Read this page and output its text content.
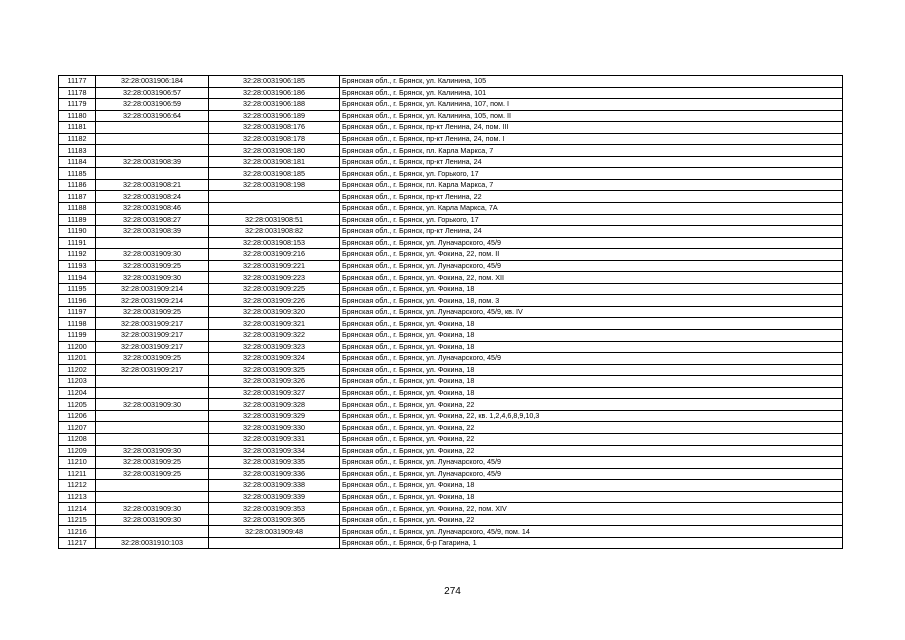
11177	32:28:0031906:184	32:28:0031906:185	Брянская обл., г. Брянск, ул. Калинина, 105
11178	32:28:0031906:57	32:28:0031906:186	Брянская обл., г. Брянск, ул. Калинина, 101
11179	32:28:0031906:59	32:28:0031906:188	Брянская обл., г. Брянск, ул. Калинина, 107, пом. I
11180	32:28:0031906:64	32:28:0031906:189	Брянская обл., г. Брянск, ул. Калинина, 105, пом. II
11181		32:28:0031908:176	Брянская обл., г. Брянск, пр-кт Ленина, 24, пом. III
11182		32:28:0031908:178	Брянская обл., г. Брянск, пр-кт Ленина, 24, пом. I
11183		32:28:0031908:180	Брянская обл., г. Брянск, пл. Карла Маркса, 7
11184	32:28:0031908:39	32:28:0031908:181	Брянская обл., г. Брянск, пр-кт Ленина, 24
11185		32:28:0031908:185	Брянская обл., г. Брянск, ул. Горького, 17
11186	32:28:0031908:21	32:28:0031908:198	Брянская обл., г. Брянск, пл. Карла Маркса, 7
11187	32:28:0031908:24		Брянская обл., г. Брянск, пр-кт Ленина, 22
11188	32:28:0031908:46		Брянская обл., г. Брянск, ул. Карла Маркса, 7А
11189	32:28:0031908:27	32:28:0031908:51	Брянская обл., г. Брянск, ул. Горького, 17
11190	32:28:0031908:39	32:28:0031908:82	Брянская обл., г. Брянск, пр-кт Ленина, 24
11191		32:28:0031908:153	Брянская обл., г. Брянск, ул. Луначарского, 45/9
11192	32:28:0031909:30	32:28:0031909:216	Брянская обл., г. Брянск, ул. Фокина, 22, пом. II
11193	32:28:0031909:25	32:28:0031909:221	Брянская обл., г. Брянск, ул. Луначарского, 45/9
11194	32:28:0031909:30	32:28:0031909:223	Брянская обл., г. Брянск, ул. Фокина, 22, пом. XII
11195	32:28:0031909:214	32:28:0031909:225	Брянская обл., г. Брянск, ул. Фокина, 18
11196	32:28:0031909:214	32:28:0031909:226	Брянская обл., г. Брянск, ул. Фокина, 18, пом. 3
11197	32:28:0031909:25	32:28:0031909:320	Брянская обл., г. Брянск, ул. Луначарского, 45/9, кв. IV
11198	32:28:0031909:217	32:28:0031909:321	Брянская обл., г. Брянск, ул. Фокина, 18
11199	32:28:0031909:217	32:28:0031909:322	Брянская обл., г. Брянск, ул. Фокина, 18
11200	32:28:0031909:217	32:28:0031909:323	Брянская обл., г. Брянск, ул. Фокина, 18
11201	32:28:0031909:25	32:28:0031909:324	Брянская обл., г. Брянск, ул. Луначарского, 45/9
11202	32:28:0031909:217	32:28:0031909:325	Брянская обл., г. Брянск, ул. Фокина, 18
11203		32:28:0031909:326	Брянская обл., г. Брянск, ул. Фокина, 18
11204		32:28:0031909:327	Брянская обл., г. Брянск, ул. Фокина, 18
11205	32:28:0031909:30	32:28:0031909:328	Брянская обл., г. Брянск, ул. Фокина, 22
11206		32:28:0031909:329	Брянская обл., г. Брянск, ул. Фокина, 22, кв. 1,2,4,6,8,9,10,3
11207		32:28:0031909:330	Брянская обл., г. Брянск, ул. Фокина, 22
11208		32:28:0031909:331	Брянская обл., г. Брянск, ул. Фокина, 22
11209	32:28:0031909:30	32:28:0031909:334	Брянская обл., г. Брянск, ул. Фокина, 22
11210	32:28:0031909:25	32:28:0031909:335	Брянская обл., г. Брянск, ул. Луначарского, 45/9
11211	32:28:0031909:25	32:28:0031909:336	Брянская обл., г. Брянск, ул. Луначарского, 45/9
11212		32:28:0031909:338	Брянская обл., г. Брянск, ул. Фокина, 18
11213		32:28:0031909:339	Брянская обл., г. Брянск, ул. Фокина, 18
11214	32:28:0031909:30	32:28:0031909:353	Брянская обл., г. Брянск, ул. Фокина, 22, пом. XIV
11215	32:28:0031909:30	32:28:0031909:365	Брянская обл., г. Брянск, ул. Фокина, 22
11216		32:28:0031909:48	Брянская обл., г. Брянск, ул. Луначарского, 45/9, пом. 14
11217	32:28:0031910:103		Брянская обл., г. Брянск, б-р Гагарина, 1
274
